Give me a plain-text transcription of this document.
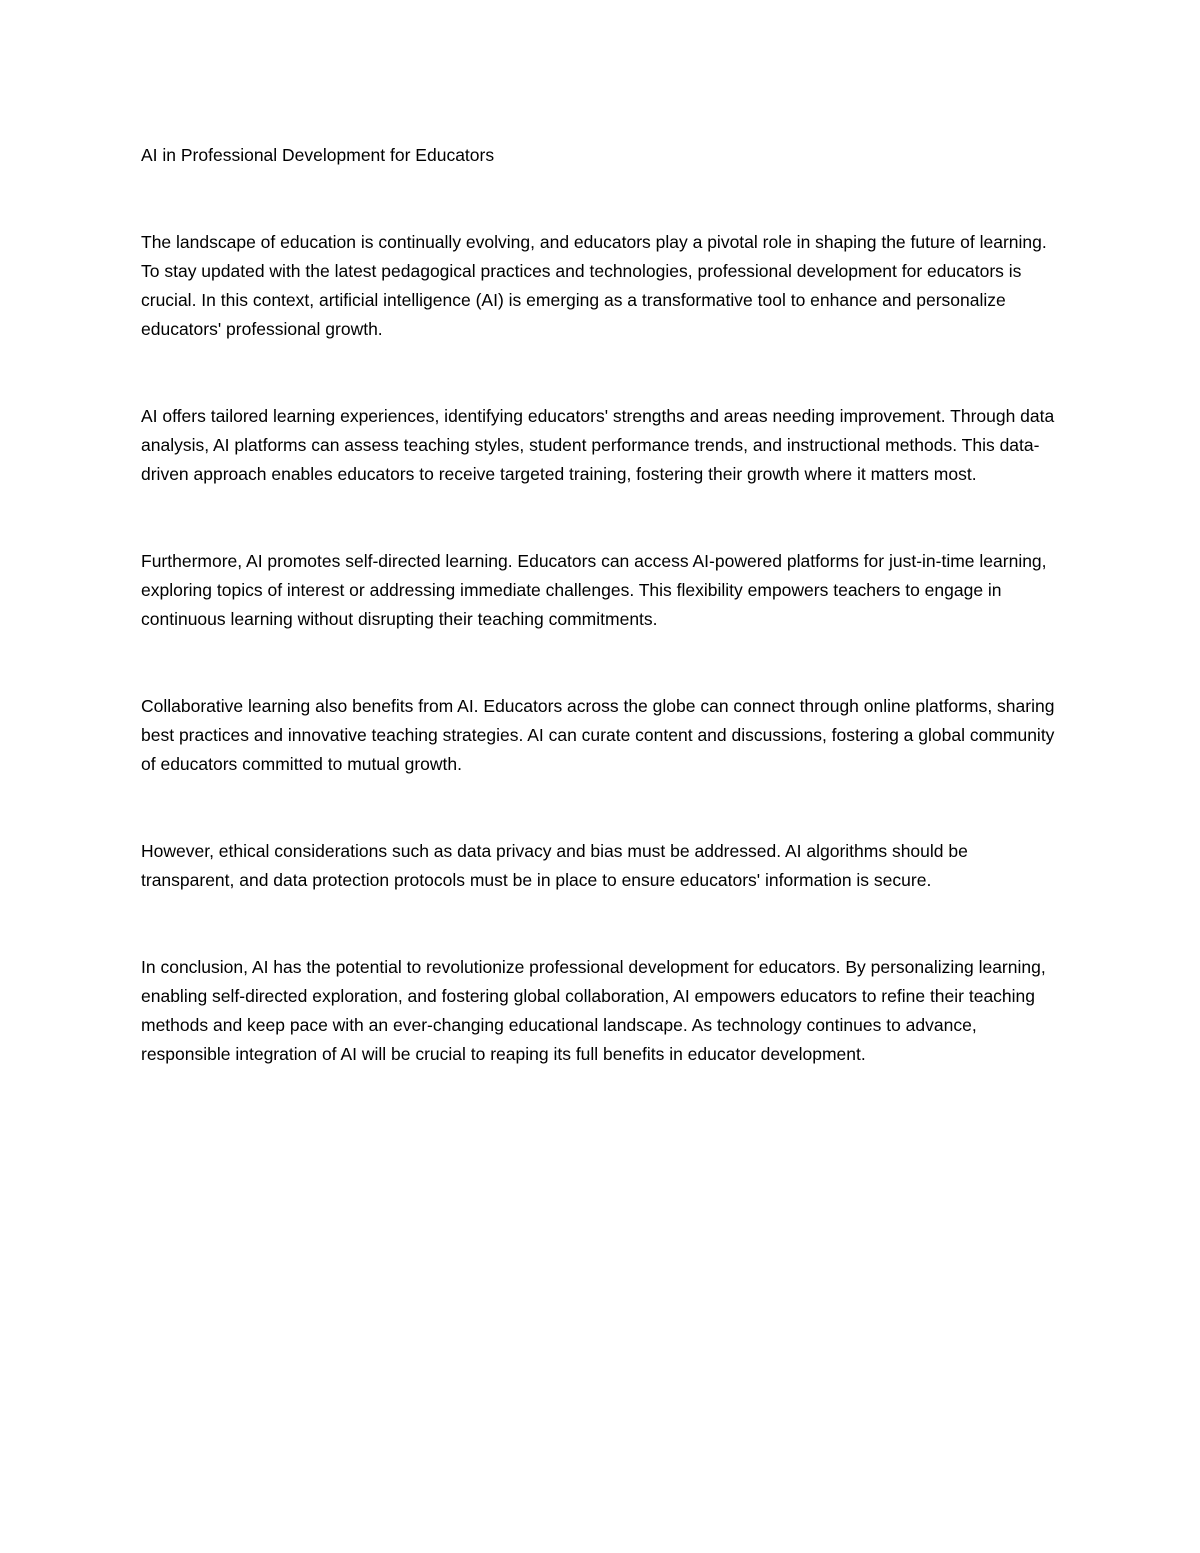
AI in Professional Development for Educators

The landscape of education is continually evolving, and educators play a pivotal role in shaping the future of learning. To stay updated with the latest pedagogical practices and technologies, professional development for educators is crucial. In this context, artificial intelligence (AI) is emerging as a transformative tool to enhance and personalize educators' professional growth.

AI offers tailored learning experiences, identifying educators' strengths and areas needing improvement. Through data analysis, AI platforms can assess teaching styles, student performance trends, and instructional methods. This data-driven approach enables educators to receive targeted training, fostering their growth where it matters most.

Furthermore, AI promotes self-directed learning. Educators can access AI-powered platforms for just-in-time learning, exploring topics of interest or addressing immediate challenges. This flexibility empowers teachers to engage in continuous learning without disrupting their teaching commitments.

Collaborative learning also benefits from AI. Educators across the globe can connect through online platforms, sharing best practices and innovative teaching strategies. AI can curate content and discussions, fostering a global community of educators committed to mutual growth.

However, ethical considerations such as data privacy and bias must be addressed. AI algorithms should be transparent, and data protection protocols must be in place to ensure educators' information is secure.

In conclusion, AI has the potential to revolutionize professional development for educators. By personalizing learning, enabling self-directed exploration, and fostering global collaboration, AI empowers educators to refine their teaching methods and keep pace with an ever-changing educational landscape. As technology continues to advance, responsible integration of AI will be crucial to reaping its full benefits in educator development.
